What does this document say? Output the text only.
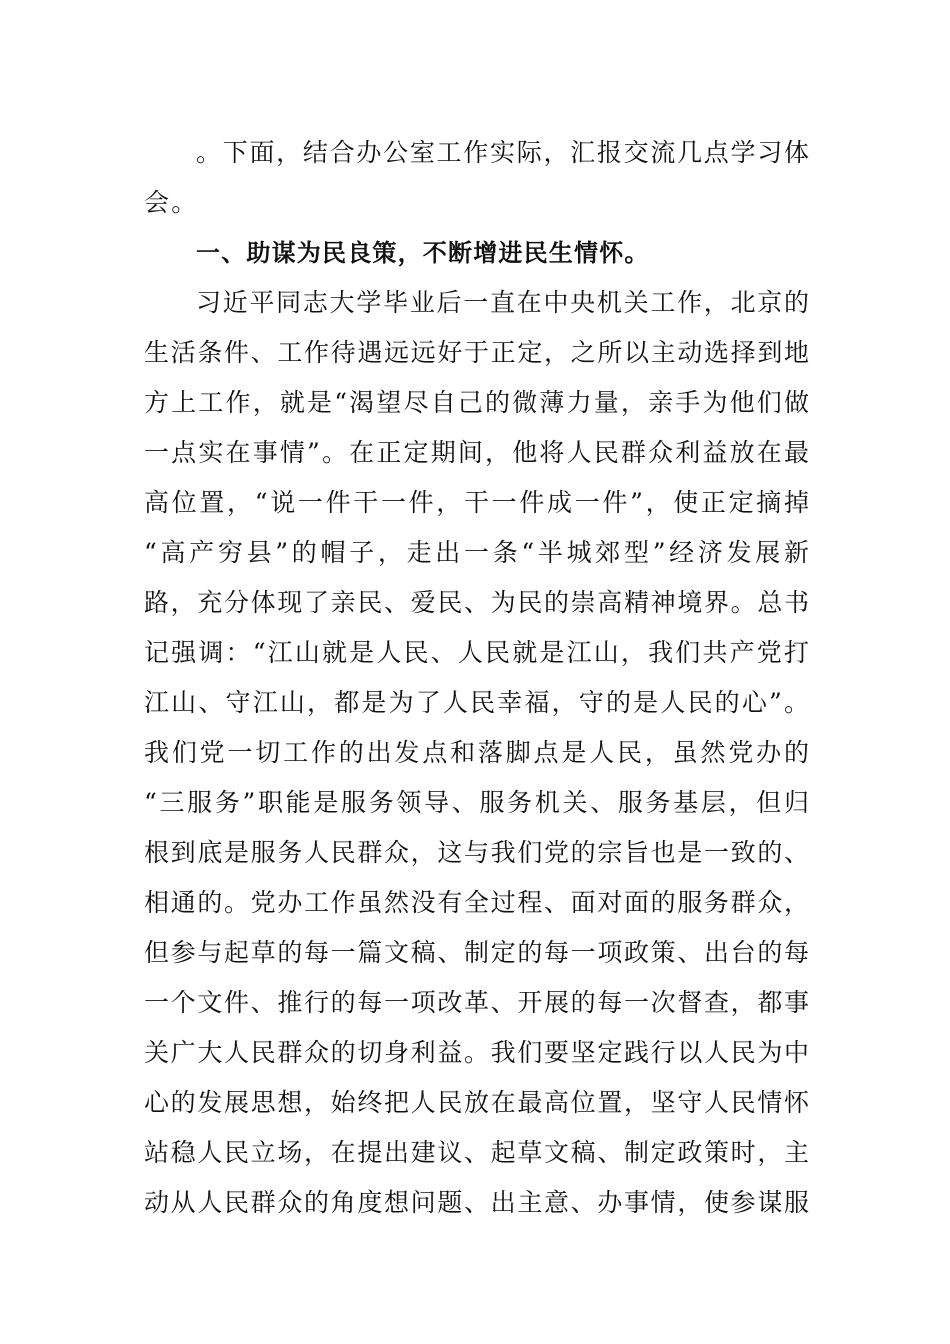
。下面，结合办公室工作实际，汇报交流几点学习体
会。
一、助谋为民良策，不断增进民生情怀。
习近平同志大学毕业后一直在中央机关工作，北京的
生活条件、工作待遇远远好于正定，之所以主动选择到地
方上工作，就是“渴望尽自己的微薄力量，亲手为他们做
一点实在事情”。在正定期间，他将人民群众利益放在最
高位置，“说一件干一件，干一件成一件”，使正定摘掉
“高产穷县”的帽子，走出一条“半城郊型”经济发展新
路，充分体现了亲民、爱民、为民的崇高精神境界。总书
记强调：“江山就是人民、人民就是江山，我们共产党打
江山、守江山，都是为了人民幸福，守的是人民的心”。
我们党一切工作的出发点和落脚点是人民，虽然党办的
“三服务”职能是服务领导、服务机关、服务基层，但归
根到底是服务人民群众，这与我们党的宗旨也是一致的、
相通的。党办工作虽然没有全过程、面对面的服务群众，
但参与起草的每一篇文稿、制定的每一项政策、出台的每
一个文件、推行的每一项改革、开展的每一次督查，都事
关广大人民群众的切身利益。我们要坚定践行以人民为中
心的发展思想，始终把人民放在最高位置，坚守人民情怀
站稳人民立场，在提出建议、起草文稿、制定政策时，主
动从人民群众的角度想问题、出主意、办事情，使参谋服
